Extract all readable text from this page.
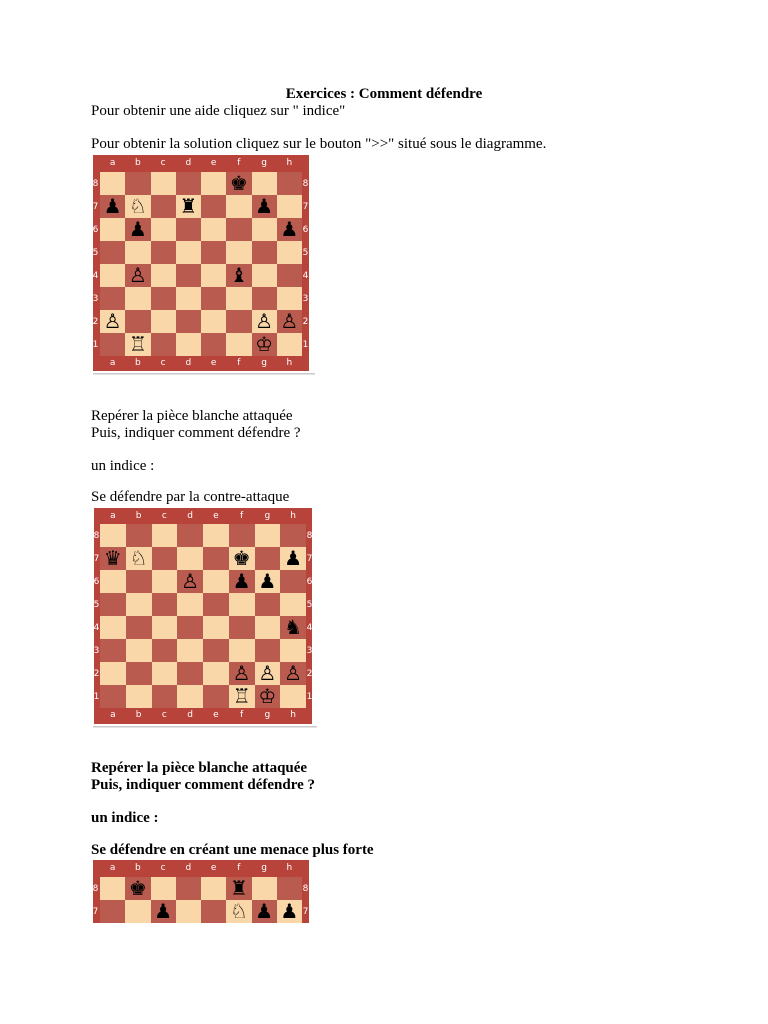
Exercices : Comment défendre
Pour obtenir une aide cliquez sur " indice"
Pour obtenir la solution cliquez sur le bouton ">>" situé sous le diagramme.
♚
♟ ♘ ♜	♟
♟	♟
♙	♝
♙	♙ ♙
♖	♔
a
a
b
b
c
c
d
d
e
e
f
f
g
g
h
h
8	8
7	7
6	6
5	5
4	4
3	3
2	2
1	1
Repérer la pièce blanche attaquée
Puis, indiquer comment défendre ?
un indice :
Se défendre par la contre-attaque
♛ ♘	♚ ♟
♙ ♟ ♟
♞
♙ ♙ ♙
♖ ♔
a
a
b
b
c
c
d
d
e
e
f
f
g
g
h
h
8	8
7	7
6	6
5	5
4	4
3	3
2	2
1	1
Repérer la pièce blanche attaquée
Puis, indiquer comment défendre ?
un indice :
Se défendre en créant une menace plus forte
♚	♜
♟	♘ ♟ ♟
a	b	c	d	e	f	g	h
8	8
7	7
